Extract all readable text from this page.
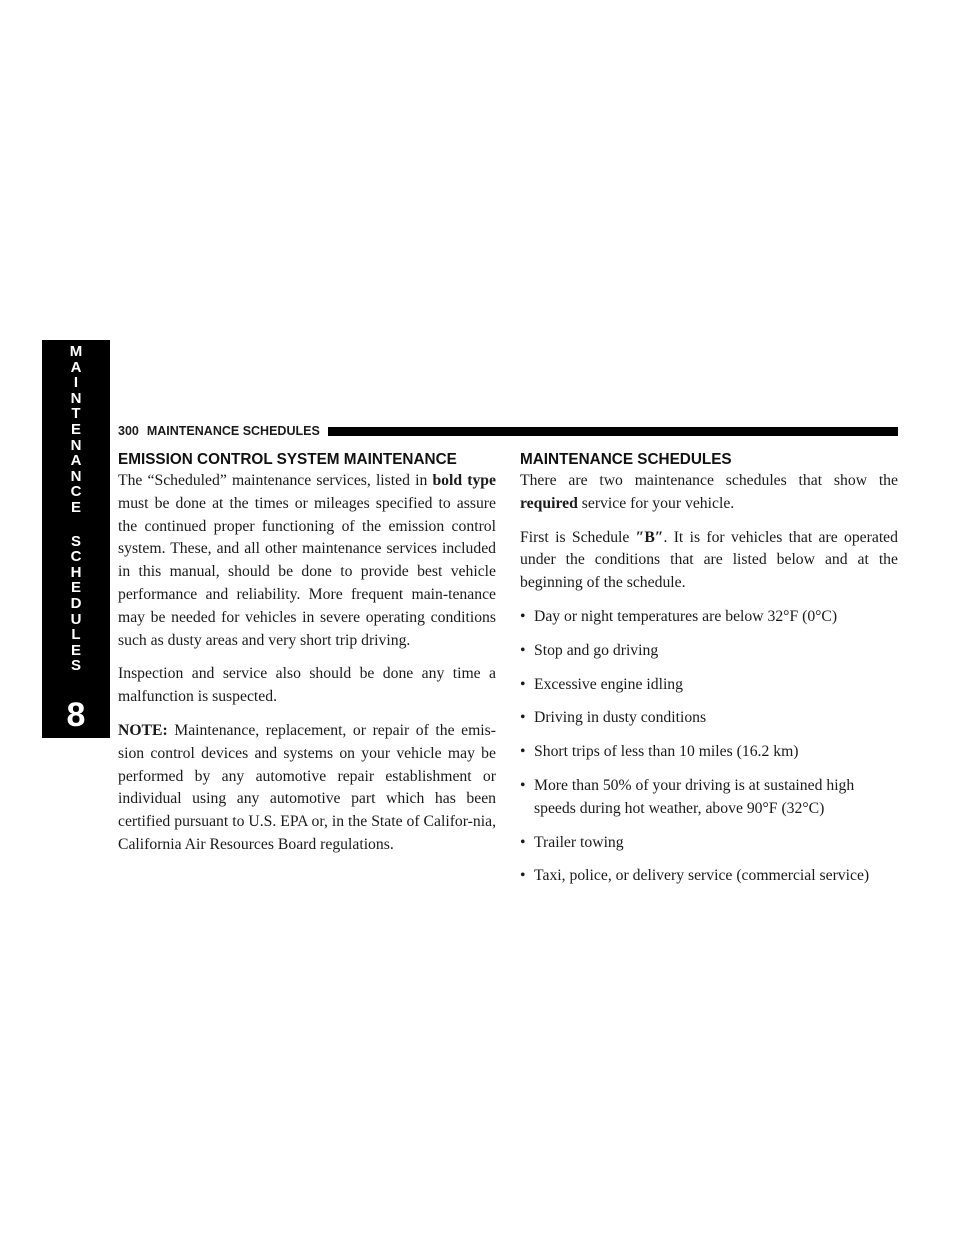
M
A
I
N
T
E
N
A
N
C
E
S
C
H
E
D
U
L
E
S
8
300 MAINTENANCE SCHEDULES
EMISSION CONTROL SYSTEM MAINTENANCE

The “Scheduled” maintenance services, listed in bold type must be done at the times or mileages specified to assure the continued proper functioning of the emission control system. These, and all other maintenance services included in this manual, should be done to provide best vehicle performance and reliability. More frequent main-tenance may be needed for vehicles in severe operating conditions such as dusty areas and very short trip driving.

Inspection and service also should be done any time a malfunction is suspected.

NOTE: Maintenance, replacement, or repair of the emis-sion control devices and systems on your vehicle may be performed by any automotive repair establishment or individual using any automotive part which has been certified pursuant to U.S. EPA or, in the State of Califor-nia, California Air Resources Board regulations.

MAINTENANCE SCHEDULES

There are two maintenance schedules that show the required service for your vehicle.

First is Schedule ″B″. It is for vehicles that are operated under the conditions that are listed below and at the beginning of the schedule.

• Day or night temperatures are below 32°F (0°C)
• Stop and go driving
• Excessive engine idling
• Driving in dusty conditions
• Short trips of less than 10 miles (16.2 km)
• More than 50% of your driving is at sustained high speeds during hot weather, above 90°F (32°C)
• Trailer towing
• Taxi, police, or delivery service (commercial service)
